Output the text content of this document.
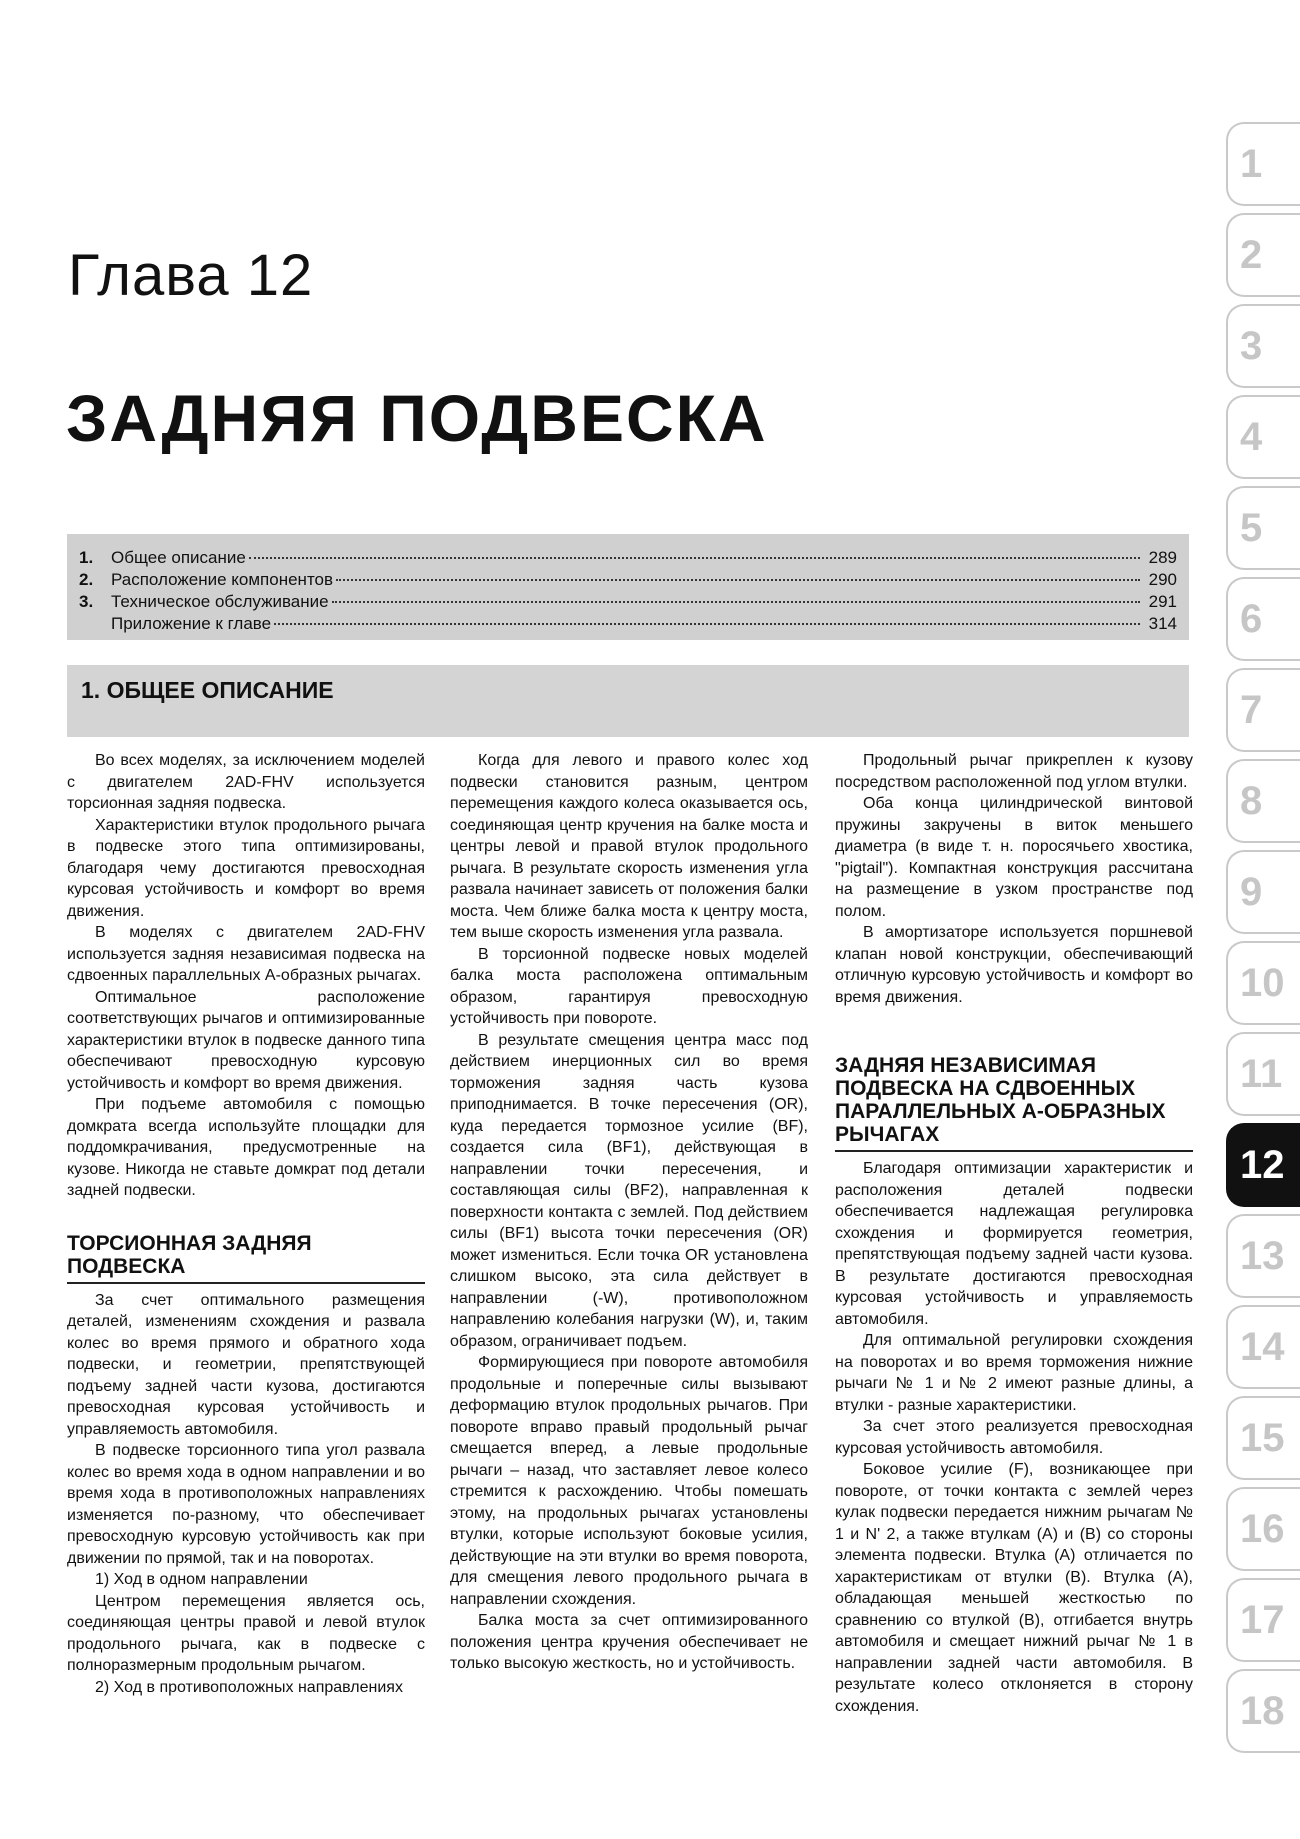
Глава 12
ЗАДНЯЯ ПОДВЕСКА
1.	Общее описание	289
2.	Расположение компонентов	290
3.	Техническое обслуживание	291
Приложение к главе	314
1. ОБЩЕЕ ОПИСАНИЕ

Во всех моделях, за исключением моделей с двигателем 2AD-FHV используется торсионная задняя подвеска.

Характеристики втулок продольного рычага в подвеске этого типа оптимизированы, благодаря чему достигаются превосходная курсовая устойчивость и комфорт во время движения.

В моделях с двигателем 2AD-FHV используется задняя независимая подвеска на сдвоенных параллельных А-образных рычагах.

Оптимальное расположение соответствующих рычагов и оптимизированные характеристики втулок в подвеске данного типа обеспечивают превосходную курсовую устойчивость и комфорт во время движения.

При подъеме автомобиля с помощью домкрата всегда используйте площадки для поддомкрачивания, предусмотренные на кузове. Никогда не ставьте домкрат под детали задней подвески.

ТОРСИОННАЯ ЗАДНЯЯ ПОДВЕСКА

За счет оптимального размещения деталей, изменениям схождения и развала колес во время прямого и обратного хода подвески, и геометрии, препятствующей подъему задней части кузова, достигаются превосходная курсовая устойчивость и управляемость автомобиля.

В подвеске торсионного типа угол развала колес во время хода в одном направлении и во время хода в противоположных направлениях изменяется по-разному, что обеспечивает превосходную курсовую устойчивость как при движении по прямой, так и на поворотах.

1) Ход в одном направлении

Центром перемещения является ось, соединяющая центры правой и левой втулок продольного рычага, как в подвеске с полноразмерным продольным рычагом.

2) Ход в противоположных направлениях

Когда для левого и правого колес ход подвески становится разным, центром перемещения каждого колеса оказывается ось, соединяющая центр кручения на балке моста и центры левой и правой втулок продольного рычага. В результате скорость изменения угла развала начинает зависеть от положения балки моста. Чем ближе балка моста к центру моста, тем выше скорость изменения угла развала.

В торсионной подвеске новых моделей балка моста расположена оптимальным образом, гарантируя превосходную устойчивость при повороте.

В результате смещения центра масс под действием инерционных сил во время торможения задняя часть кузова приподнимается. В точке пересечения (OR), куда передается тормозное усилие (BF), создается сила (BF1), действующая в направлении точки пересечения, и составляющая силы (BF2), направленная к поверхности контакта с землей. Под действием силы (BF1) высота точки пересечения (OR) может измениться. Если точка OR установлена слишком высоко, эта сила действует в направлении (-W), противоположном направлению колебания нагрузки (W), и, таким образом, ограничивает подъем.

Формирующиеся при повороте автомобиля продольные и поперечные силы вызывают деформацию втулок продольных рычагов. При повороте вправо правый продольный рычаг смещается вперед, а левые продольные рычаги – назад, что заставляет левое колесо стремится к расхождению. Чтобы помешать этому, на продольных рычагах установлены втулки, которые используют боковые усилия, действующие на эти втулки во время поворота, для смещения левого продольного рычага в направлении схождения.

Балка моста за счет оптимизированного положения центра кручения обеспечивает не только высокую жесткость, но и устойчивость.

Продольный рычаг прикреплен к кузову посредством расположенной под углом втулки.

Оба конца цилиндрической винтовой пружины закручены в виток меньшего диаметра (в виде т. н. поросячьего хвостика, "pigtail"). Компактная конструкция рассчитана на размещение в узком пространстве под полом.

В амортизаторе используется поршневой клапан новой конструкции, обеспечивающий отличную курсовую устойчивость и комфорт во время движения.

ЗАДНЯЯ НЕЗАВИСИМАЯ ПОДВЕСКА НА СДВОЕННЫХ ПАРАЛЛЕЛЬНЫХ А-ОБРАЗНЫХ РЫЧАГАХ

Благодаря оптимизации характеристик и расположения деталей подвески обеспечивается надлежащая регулировка схождения и формируется геометрия, препятствующая подъему задней части кузова. В результате достигаются превосходная курсовая устойчивость и управляемость автомобиля.

Для оптимальной регулировки схождения на поворотах и во время торможения нижние рычаги № 1 и № 2 имеют разные длины, а втулки - разные характеристики.

За счет этого реализуется превосходная курсовая устойчивость автомобиля.

Боковое усилие (F), возникающее при повороте, от точки контакта с землей через кулак подвески передается нижним рычагам № 1 и N' 2, а также втулкам (А) и (В) со стороны элемента подвески. Втулка (А) отличается по характеристикам от втулки (В). Втулка (А), обладающая меньшей жесткостью по сравнению со втулкой (В), отгибается внутрь автомобиля и смещает нижний рычаг № 1 в направлении задней части автомобиля. В результате колесо отклоняется в сторону схождения.

1
2
3
4
5
6
7
8
9
10
11
12
13
14
15
16
17
18
